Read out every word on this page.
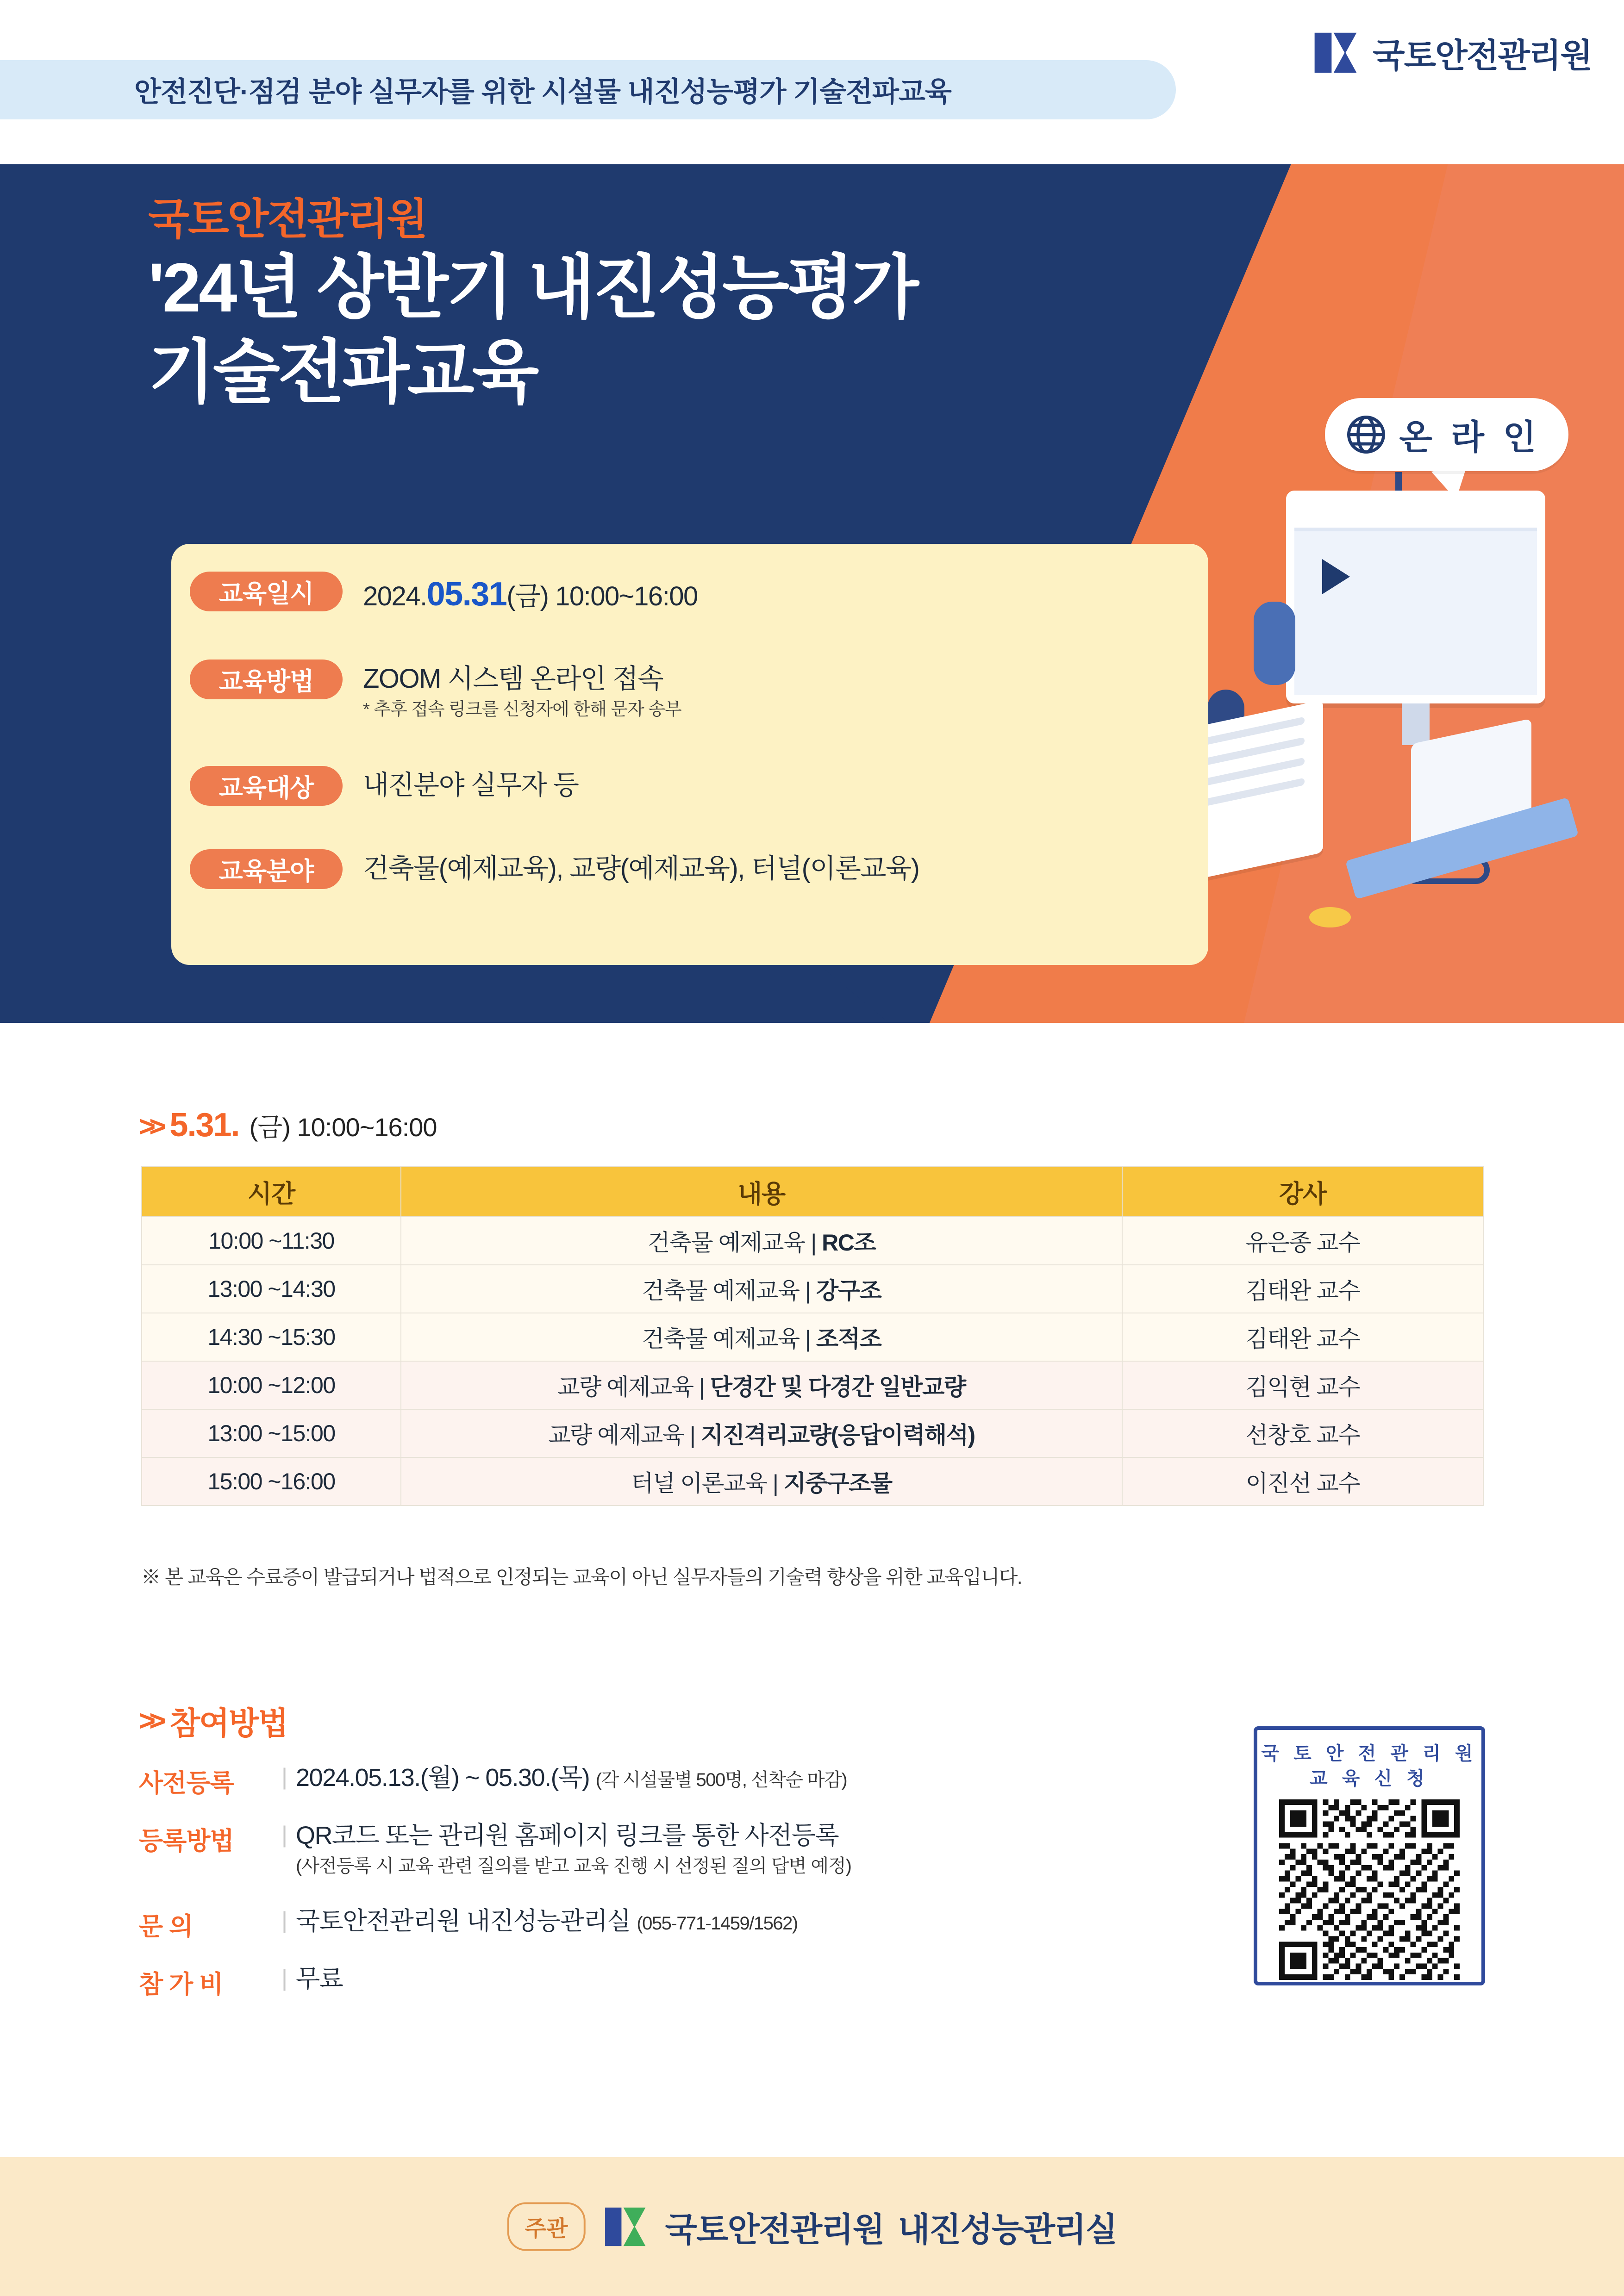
안전진단·점검 분야 실무자를 위한 시설물 내진성능평가 기술전파교육
국토안전관리원
국토안전관리원
'24년 상반기 내진성능평가
기술전파교육
온 라 인
교육일시	2024.05.31(금) 10:00~16:00
교육방법	ZOOM 시스템 온라인 접속
* 추후 접속 링크를 신청자에 한해 문자 송부
교육대상	내진분야 실무자 등
교육분야	건축물(예제교육), 교량(예제교육), 터널(이론교육)
>> 5.31. (금) 10:00~16:00
시간	내용	강사
10:00 ~11:30	건축물 예제교육 | RC조	유은종 교수
13:00 ~14:30	건축물 예제교육 | 강구조	김태완 교수
14:30 ~15:30	건축물 예제교육 | 조적조	김태완 교수
10:00 ~12:00	교량 예제교육 | 단경간 및 다경간 일반교량	김익현 교수
13:00 ~15:00	교량 예제교육 | 지진격리교량(응답이력해석)	선창호 교수
15:00 ~16:00	터널 이론교육 | 지중구조물	이진선 교수
※ 본 교육은 수료증이 발급되거나 법적으로 인정되는 교육이 아닌 실무자들의 기술력 향상을 위한 교육입니다.
>> 참여방법
사전등록	| 2024.05.13.(월) ~ 05.30.(목) (각 시설물별 500명, 선착순 마감)
등록방법	| QR코드 또는 관리원 홈페이지 링크를 통한 사전등록
(사전등록 시 교육 관련 질의를 받고 교육 진행 시 선정된 질의 답변 예정)
문 의	| 국토안전관리원 내진성능관리실 (055-771-1459/1562)
참 가 비	| 무료
국 토 안 전 관 리 원
교 육 신 청
주관	국토안전관리원 내진성능관리실
